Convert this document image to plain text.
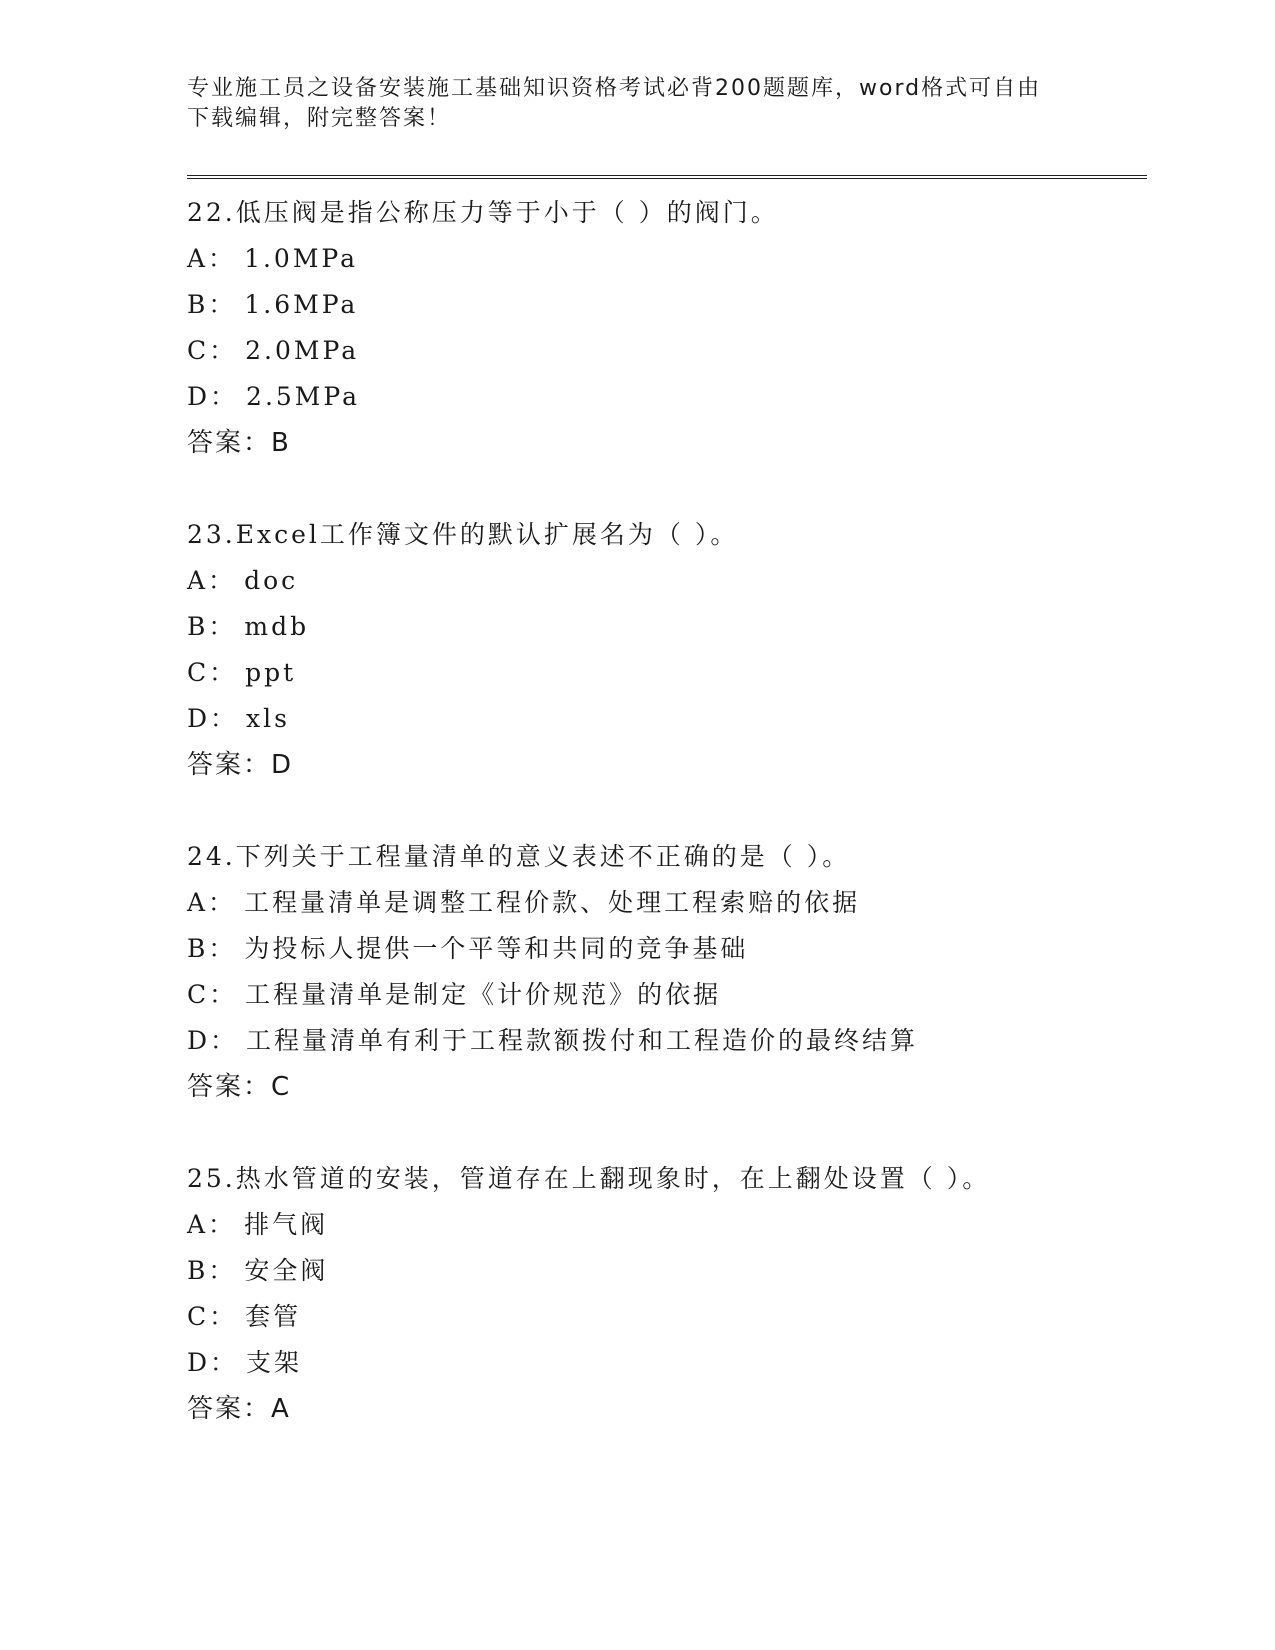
专业施工员之设备安装施工基础知识资格考试必背200题题库，word格式可自由
下载编辑，附完整答案！
22.低压阀是指公称压力等于小于（ ）的阀门。
A： 1.0MPa
B： 1.6MPa
C： 2.0MPa
D： 2.5MPa
答案：B
23.Excel工作簿文件的默认扩展名为（ ）。
A： doc
B： mdb
C： ppt
D： xls
答案：D
24.下列关于工程量清单的意义表述不正确的是（ ）。
A： 工程量清单是调整工程价款、处理工程索赔的依据
B： 为投标人提供一个平等和共同的竞争基础
C： 工程量清单是制定《计价规范》的依据
D： 工程量清单有利于工程款额拨付和工程造价的最终结算
答案：C
25.热水管道的安装，管道存在上翻现象时，在上翻处设置（ ）。
A： 排气阀
B： 安全阀
C： 套管
D： 支架
答案：A
